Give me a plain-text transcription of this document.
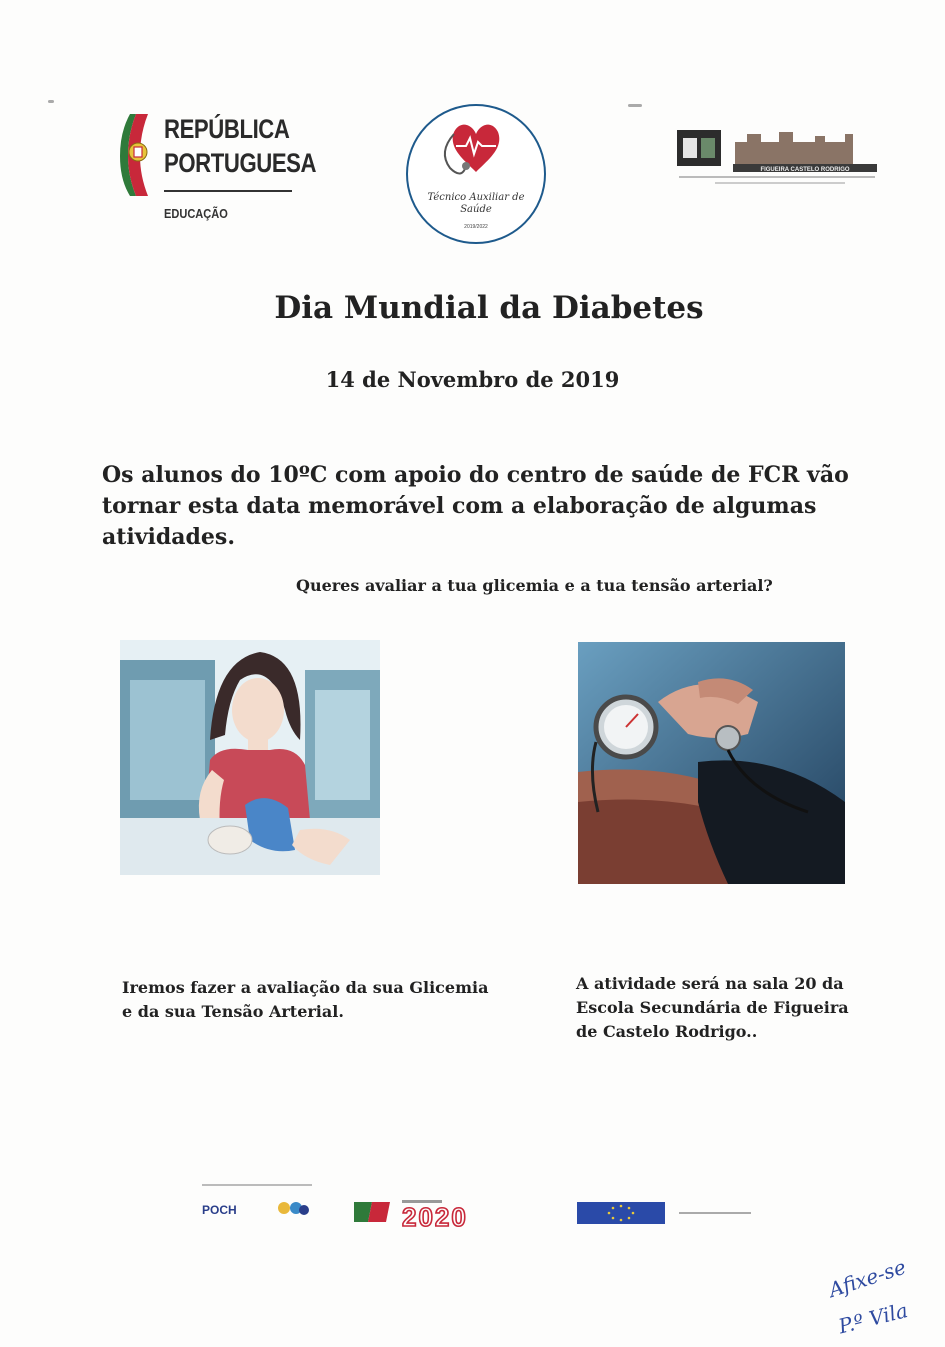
REPÚBLICA
PORTUGUESA
EDUCAÇÃO
Técnico Auxiliar de
Saúde
2019/2022
FIGUEIRA CASTELO RODRIGO
Dia Mundial da Diabetes
14 de Novembro de 2019
Os alunos do 10ºC com apoio do centro de saúde de FCR vão tornar esta data memorável com a elaboração de algumas atividades.
Queres avaliar a tua glicemia e a tua tensão arterial?
Iremos fazer a avaliação da sua Glicemia e da sua Tensão Arterial.
A atividade será na sala 20 da Escola Secundária de Figueira de Castelo Rodrigo..
POCH	2020
Afixe-se
P.º Vila
